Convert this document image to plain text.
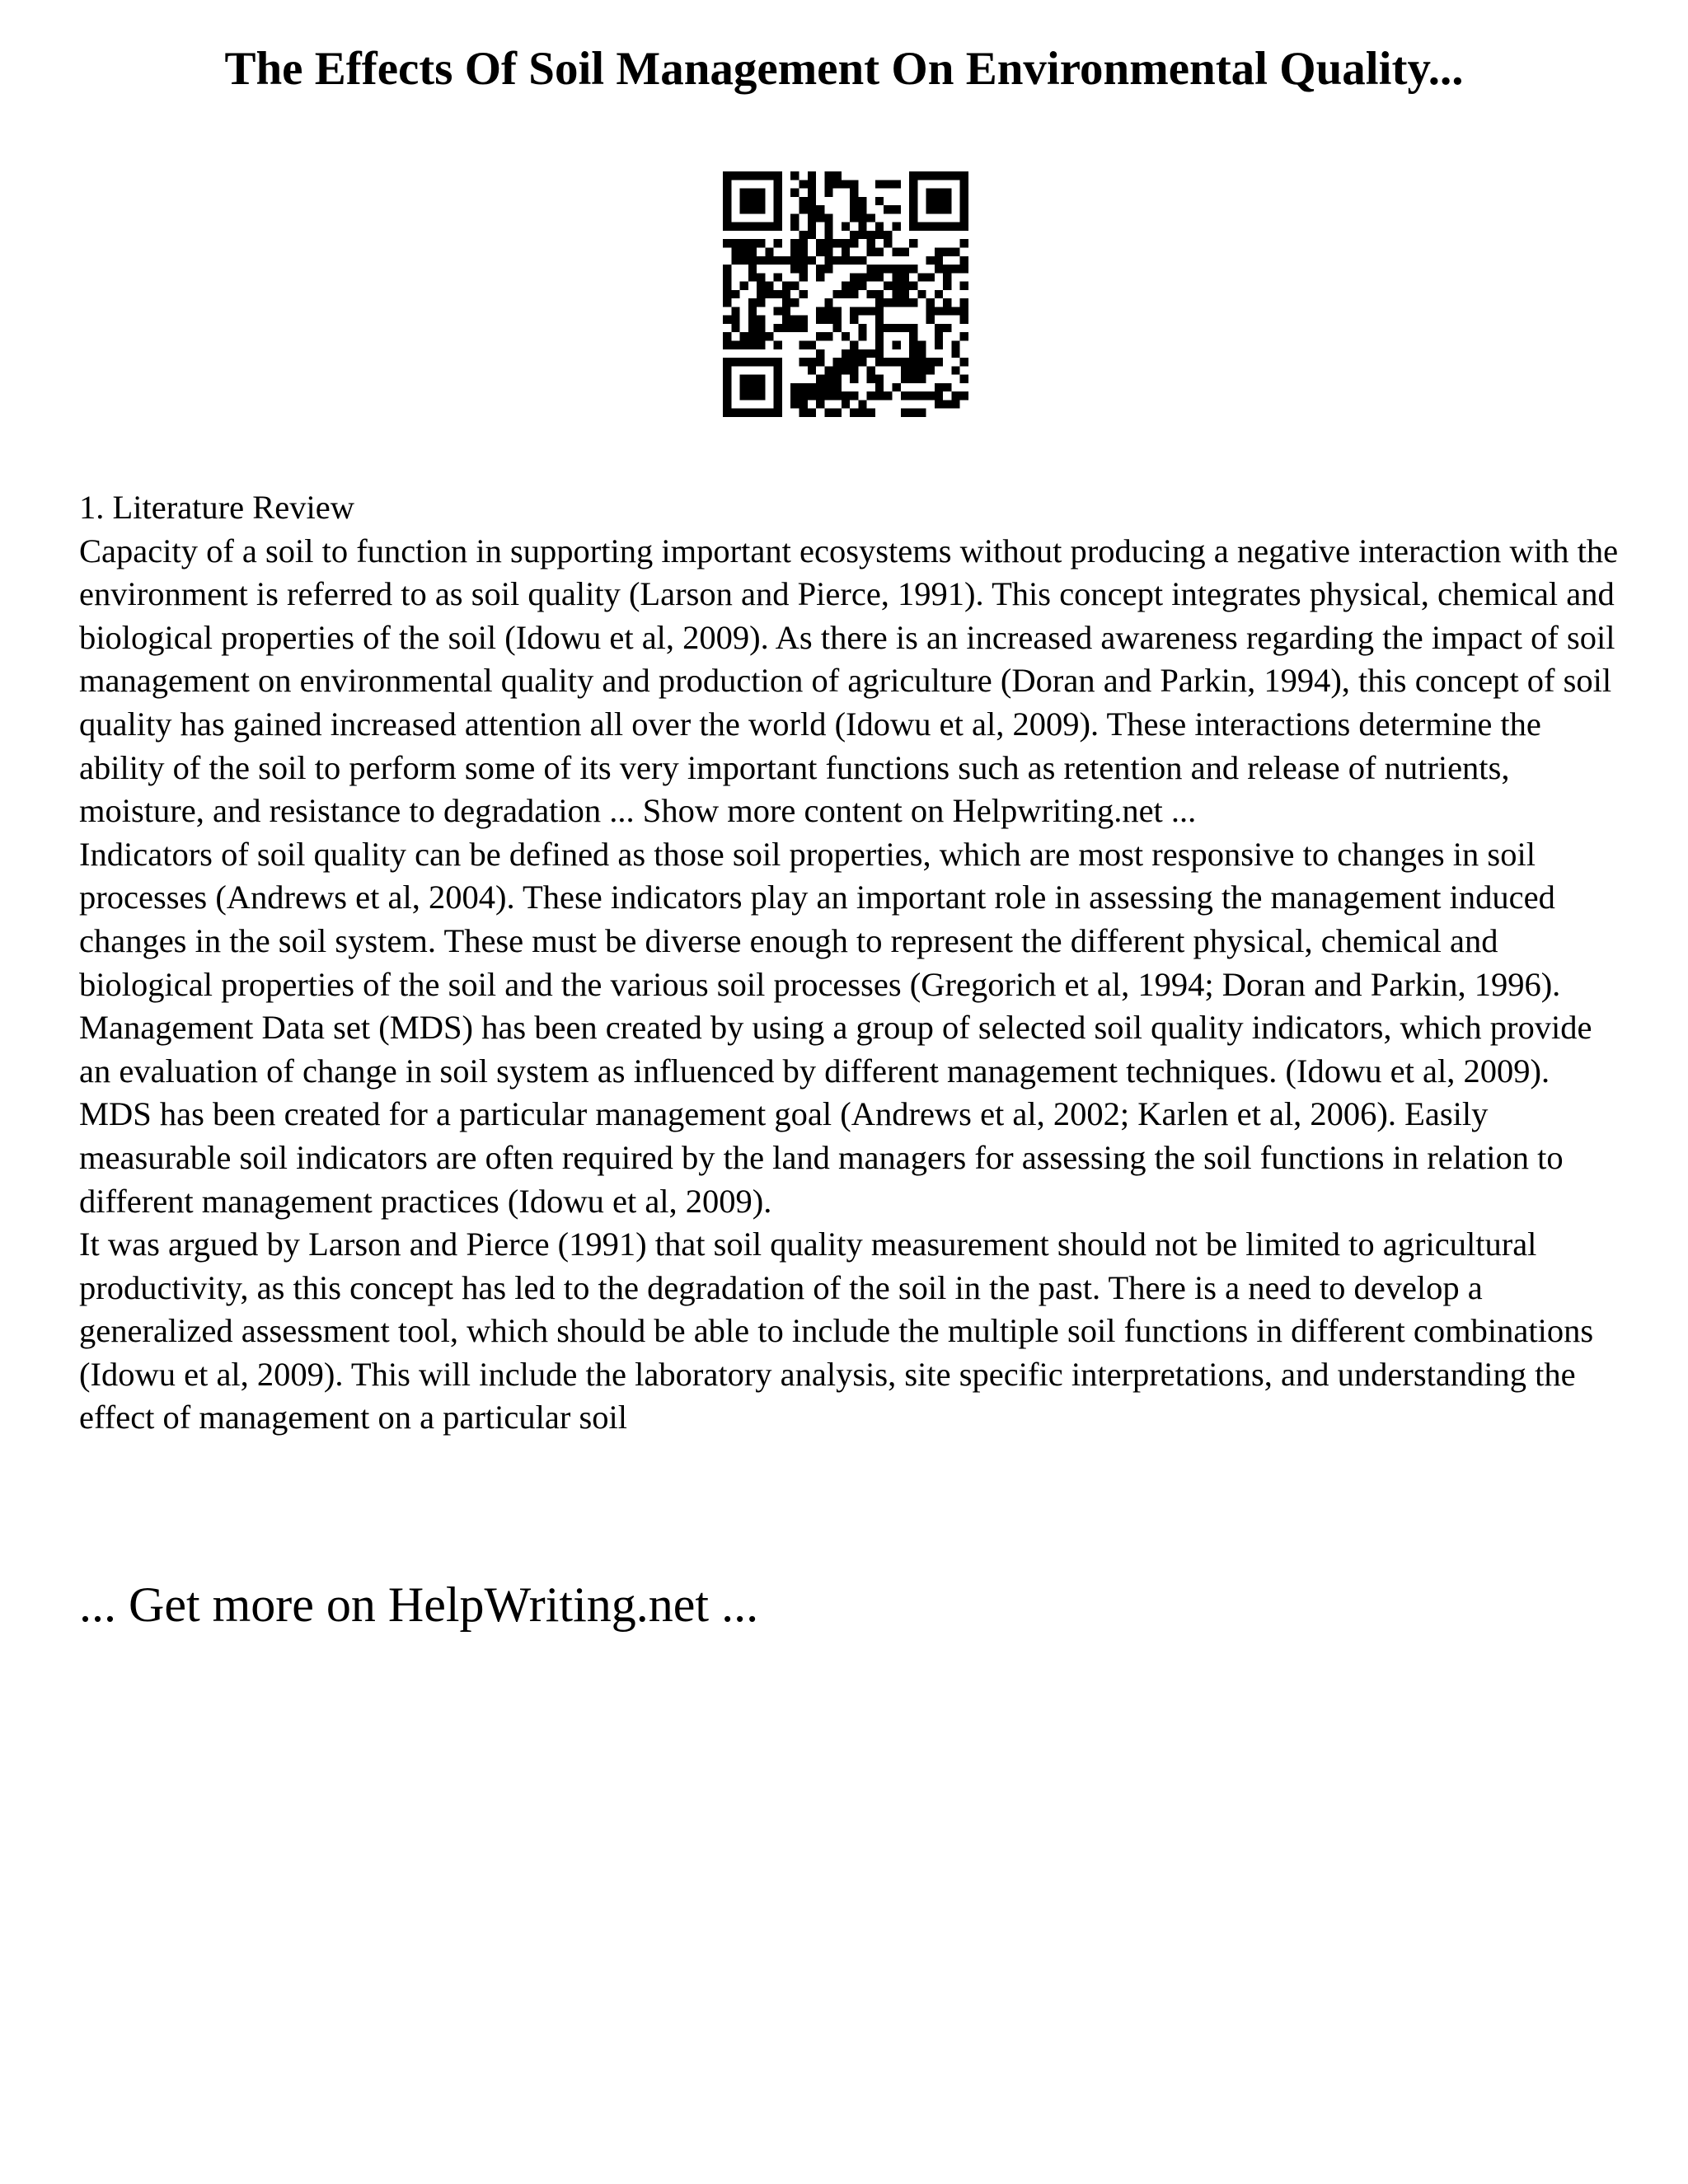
The Effects Of Soil Management On Environmental Quality...

1. Literature Review

Capacity of a soil to function in supporting important ecosystems without producing a negative interaction with the environment is referred to as soil quality (Larson and Pierce, 1991). This concept integrates physical, chemical and biological properties of the soil (Idowu et al, 2009). As there is an increased awareness regarding the impact of soil management on environmental quality and production of agriculture (Doran and Parkin, 1994), this concept of soil quality has gained increased attention all over the world (Idowu et al, 2009). These interactions determine the ability of the soil to perform some of its very important functions such as retention and release of nutrients, moisture, and resistance to degradation ... Show more content on Helpwriting.net ...

Indicators of soil quality can be defined as those soil properties, which are most responsive to changes in soil processes (Andrews et al, 2004). These indicators play an important role in assessing the management induced changes in the soil system. These must be diverse enough to represent the different physical, chemical and biological properties of the soil and the various soil processes (Gregorich et al, 1994; Doran and Parkin, 1996). Management Data set (MDS) has been created by using a group of selected soil quality indicators, which provide an evaluation of change in soil system as influenced by different management techniques. (Idowu et al, 2009). MDS has been created for a particular management goal (Andrews et al, 2002; Karlen et al, 2006). Easily measurable soil indicators are often required by the land managers for assessing the soil functions in relation to different management practices (Idowu et al, 2009).

It was argued by Larson and Pierce (1991) that soil quality measurement should not be limited to agricultural productivity, as this concept has led to the degradation of the soil in the past. There is a need to develop a generalized assessment tool, which should be able to include the multiple soil functions in different combinations (Idowu et al, 2009). This will include the laboratory analysis, site specific interpretations, and understanding the effect of management on a particular soil

... Get more on HelpWriting.net ...
